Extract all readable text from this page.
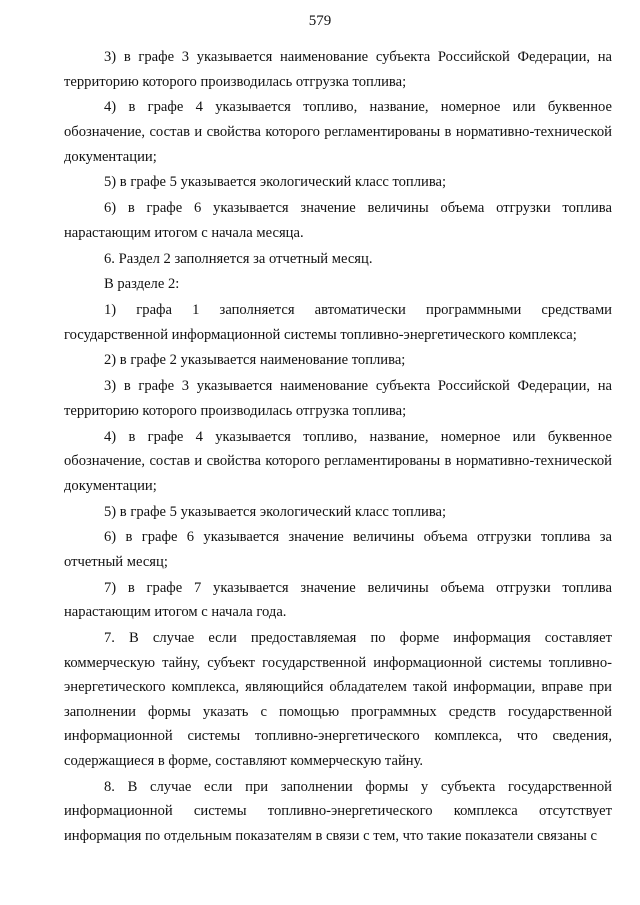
579

3) в графе 3 указывается наименование субъекта Российской Федерации, на территорию которого производилась отгрузка топлива;

4) в графе 4 указывается топливо, название, номерное или буквенное обозначение, состав и свойства которого регламентированы в нормативно-технической документации;

5) в графе 5 указывается экологический класс топлива;

6) в графе 6 указывается значение величины объема отгрузки топлива нарастающим итогом с начала месяца.

6. Раздел 2 заполняется за отчетный месяц.

В разделе 2:

1) графа 1 заполняется автоматически программными средствами государственной информационной системы топливно-энергетического комплекса;

2) в графе 2 указывается наименование топлива;

3) в графе 3 указывается наименование субъекта Российской Федерации, на территорию которого производилась отгрузка топлива;

4) в графе 4 указывается топливо, название, номерное или буквенное обозначение, состав и свойства которого регламентированы в нормативно-технической документации;

5) в графе 5 указывается экологический класс топлива;

6) в графе 6 указывается значение величины объема отгрузки топлива за отчетный месяц;

7) в графе 7 указывается значение величины объема отгрузки топлива нарастающим итогом с начала года.

7. В случае если предоставляемая по форме информация составляет коммерческую тайну, субъект государственной информационной системы топливно-энергетического комплекса, являющийся обладателем такой информации, вправе при заполнении формы указать с помощью программных средств государственной информационной системы топливно-энергетического комплекса, что сведения, содержащиеся в форме, составляют коммерческую тайну.

8. В случае если при заполнении формы у субъекта государственной информационной системы топливно-энергетического комплекса отсутствует информация по отдельным показателям в связи с тем, что такие показатели связаны с
